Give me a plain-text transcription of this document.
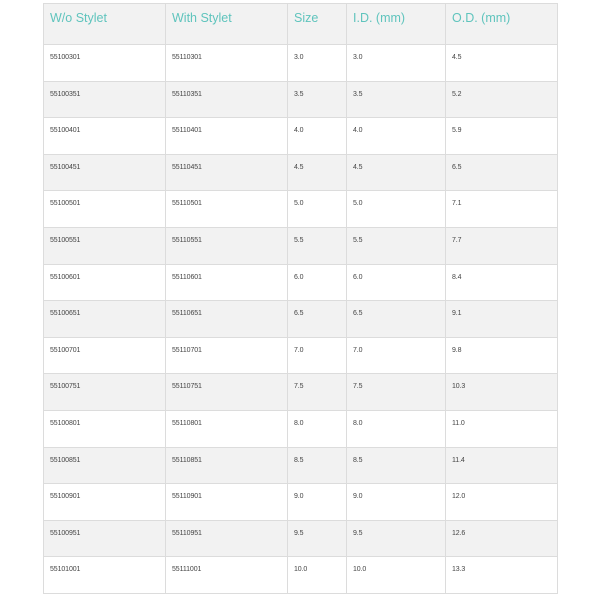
W/o Stylet	With Stylet	Size	I.D. (mm)	O.D. (mm)
55100301	55110301	3.0	3.0	4.5
55100351	55110351	3.5	3.5	5.2
55100401	55110401	4.0	4.0	5.9
55100451	55110451	4.5	4.5	6.5
55100501	55110501	5.0	5.0	7.1
55100551	55110551	5.5	5.5	7.7
55100601	55110601	6.0	6.0	8.4
55100651	55110651	6.5	6.5	9.1
55100701	55110701	7.0	7.0	9.8
55100751	55110751	7.5	7.5	10.3
55100801	55110801	8.0	8.0	11.0
55100851	55110851	8.5	8.5	11.4
55100901	55110901	9.0	9.0	12.0
55100951	55110951	9.5	9.5	12.6
55101001	55111001	10.0	10.0	13.3
